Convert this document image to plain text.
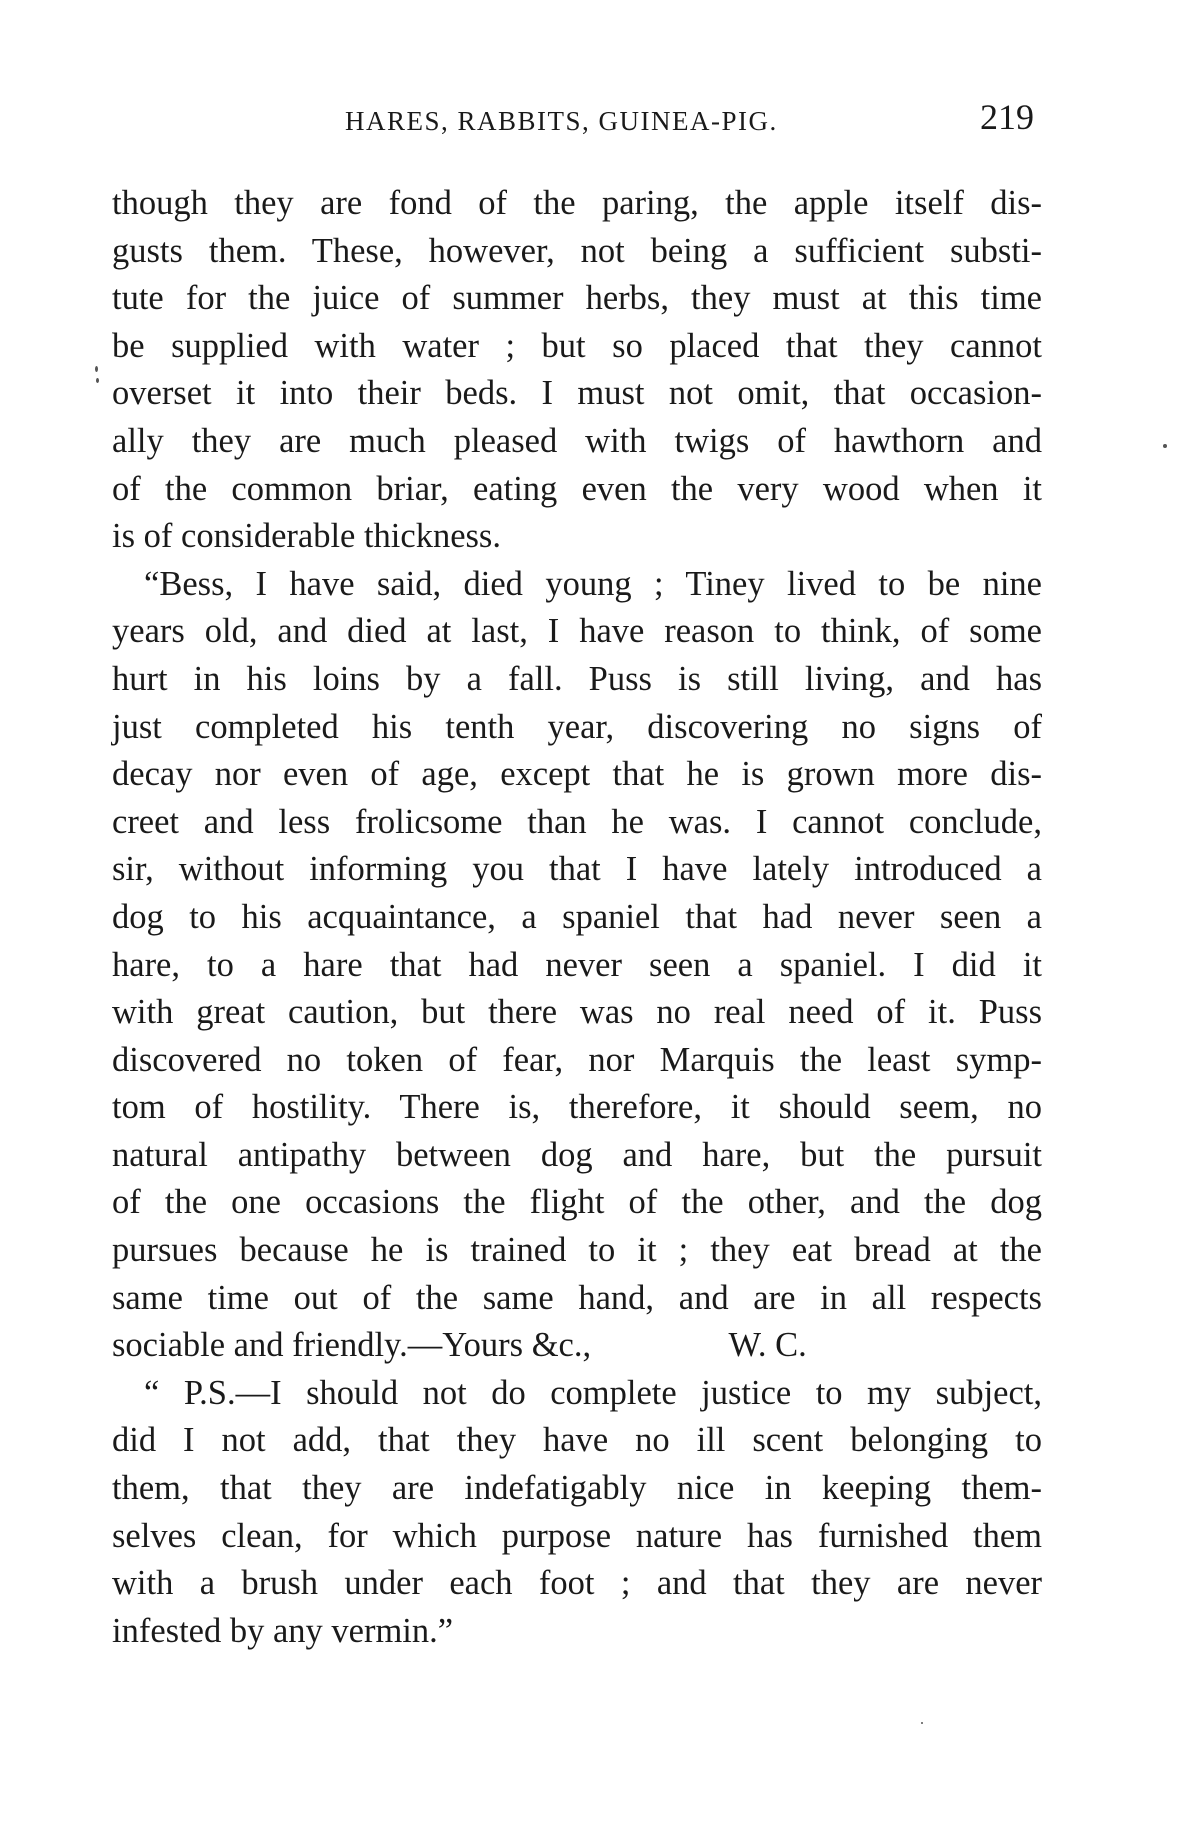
HARES, RABBITS, GUINEA-PIG.	219
though they are fond of the paring, the apple itself dis-
gusts them. These, however, not being a sufficient substi-
tute for the juice of summer herbs, they must at this time
be supplied with water ; but so placed that they cannot
overset it into their beds. I must not omit, that occasion-
ally they are much pleased with twigs of hawthorn and
of the common briar, eating even the very wood when it
is of considerable thickness.
“Bess, I have said, died young ; Tiney lived to be nine
years old, and died at last, I have reason to think, of some
hurt in his loins by a fall. Puss is still living, and has
just completed his tenth year, discovering no signs of
decay nor even of age, except that he is grown more dis-
creet and less frolicsome than he was. I cannot conclude,
sir, without informing you that I have lately introduced a
dog to his acquaintance, a spaniel that had never seen a
hare, to a hare that had never seen a spaniel. I did it
with great caution, but there was no real need of it. Puss
discovered no token of fear, nor Marquis the least symp-
tom of hostility. There is, therefore, it should seem, no
natural antipathy between dog and hare, but the pursuit
of the one occasions the flight of the other, and the dog
pursues because he is trained to it ; they eat bread at the
same time out of the same hand, and are in all respects
sociable and friendly.—Yours &c.,                W. C.
“ P.S.—I should not do complete justice to my subject,
did I not add, that they have no ill scent belonging to
them, that they are indefatigably nice in keeping them-
selves clean, for which purpose nature has furnished them
with a brush under each foot ; and that they are never
infested by any vermin.”
